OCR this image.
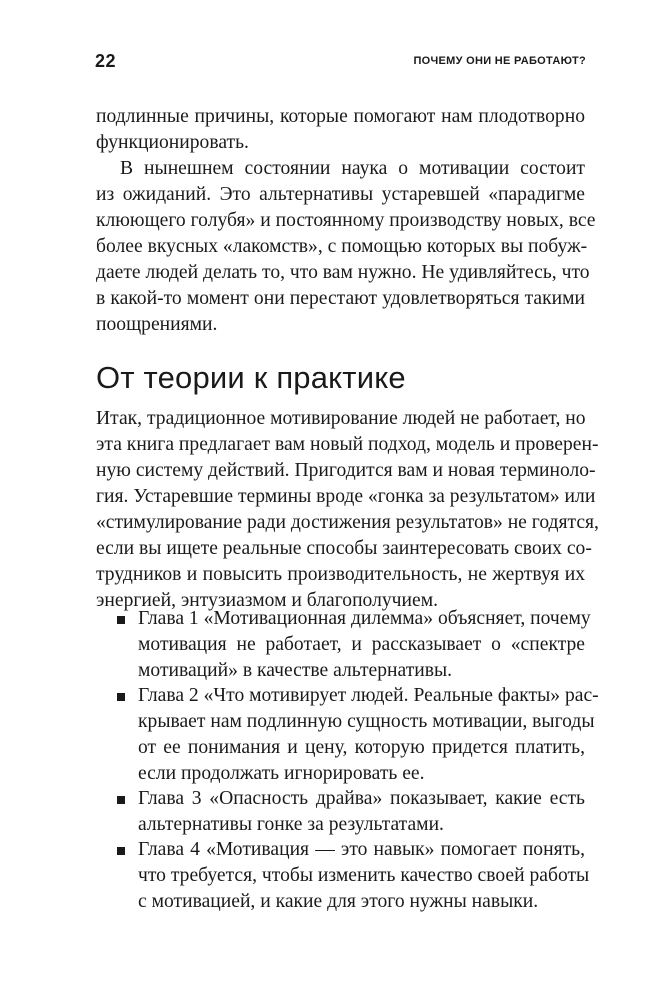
22	ПОЧЕМУ ОНИ НЕ РАБОТАЮТ?
подлинные причины, которые помогают нам плодотворно
функционировать.
В нынешнем состоянии наука о мотивации состоит
из ожиданий. Это альтернативы устаревшей «парадигме
клюющего голубя» и постоянному производству новых, все
более вкусных «лакомств», с помощью которых вы побуж-
даете людей делать то, что вам нужно. Не удивляйтесь, что
в какой-то момент они перестают удовлетворяться такими
поощрениями.
От теории к практике
Итак, традиционное мотивирование людей не работает, но
эта книга предлагает вам новый подход, модель и проверен-
ную систему действий. Пригодится вам и новая терминоло-
гия. Устаревшие термины вроде «гонка за результатом» или
«стимулирование ради достижения результатов» не годятся,
если вы ищете реальные способы заинтересовать своих со-
трудников и повысить производительность, не жертвуя их
энергией, энтузиазмом и благополучием.
Глава 1 «Мотивационная дилемма» объясняет, почему
мотивация не работает, и рассказывает о «спектре
мотиваций» в качестве альтернативы.
Глава 2 «Что мотивирует людей. Реальные факты» рас-
крывает нам подлинную сущность мотивации, выгоды
от ее понимания и цену, которую придется платить,
если продолжать игнорировать ее.
Глава 3 «Опасность драйва» показывает, какие есть
альтернативы гонке за результатами.
Глава 4 «Мотивация — это навык» помогает понять,
что требуется, чтобы изменить качество своей работы
с мотивацией, и какие для этого нужны навыки.
